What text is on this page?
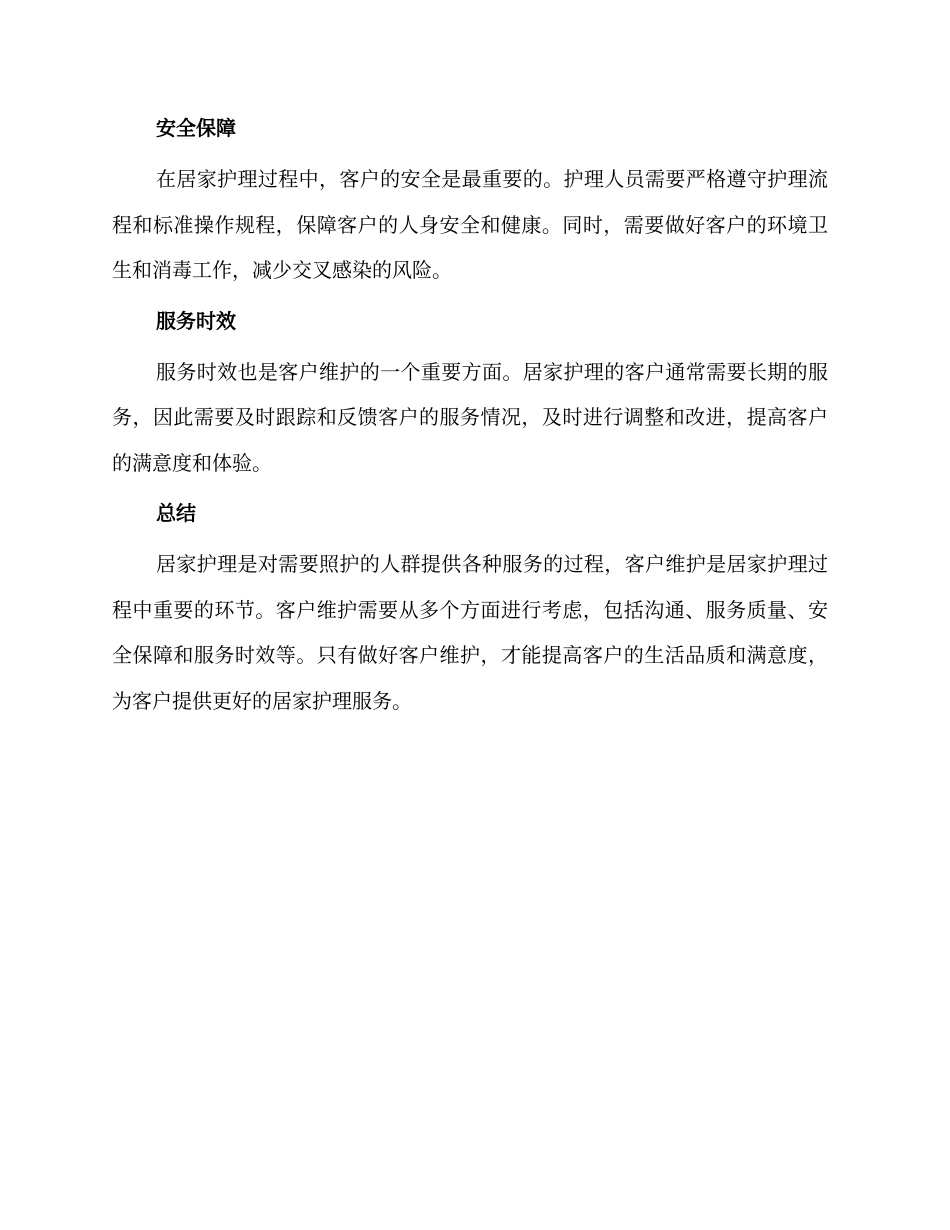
安全保障

在居家护理过程中，客户的安全是最重要的。护理人员需要严格遵守护理流程和标准操作规程，保障客户的人身安全和健康。同时，需要做好客户的环境卫生和消毒工作，减少交叉感染的风险。

服务时效

服务时效也是客户维护的一个重要方面。居家护理的客户通常需要长期的服务，因此需要及时跟踪和反馈客户的服务情况，及时进行调整和改进，提高客户的满意度和体验。

总结

居家护理是对需要照护的人群提供各种服务的过程，客户维护是居家护理过程中重要的环节。客户维护需要从多个方面进行考虑，包括沟通、服务质量、安全保障和服务时效等。只有做好客户维护，才能提高客户的生活品质和满意度，为客户提供更好的居家护理服务。
